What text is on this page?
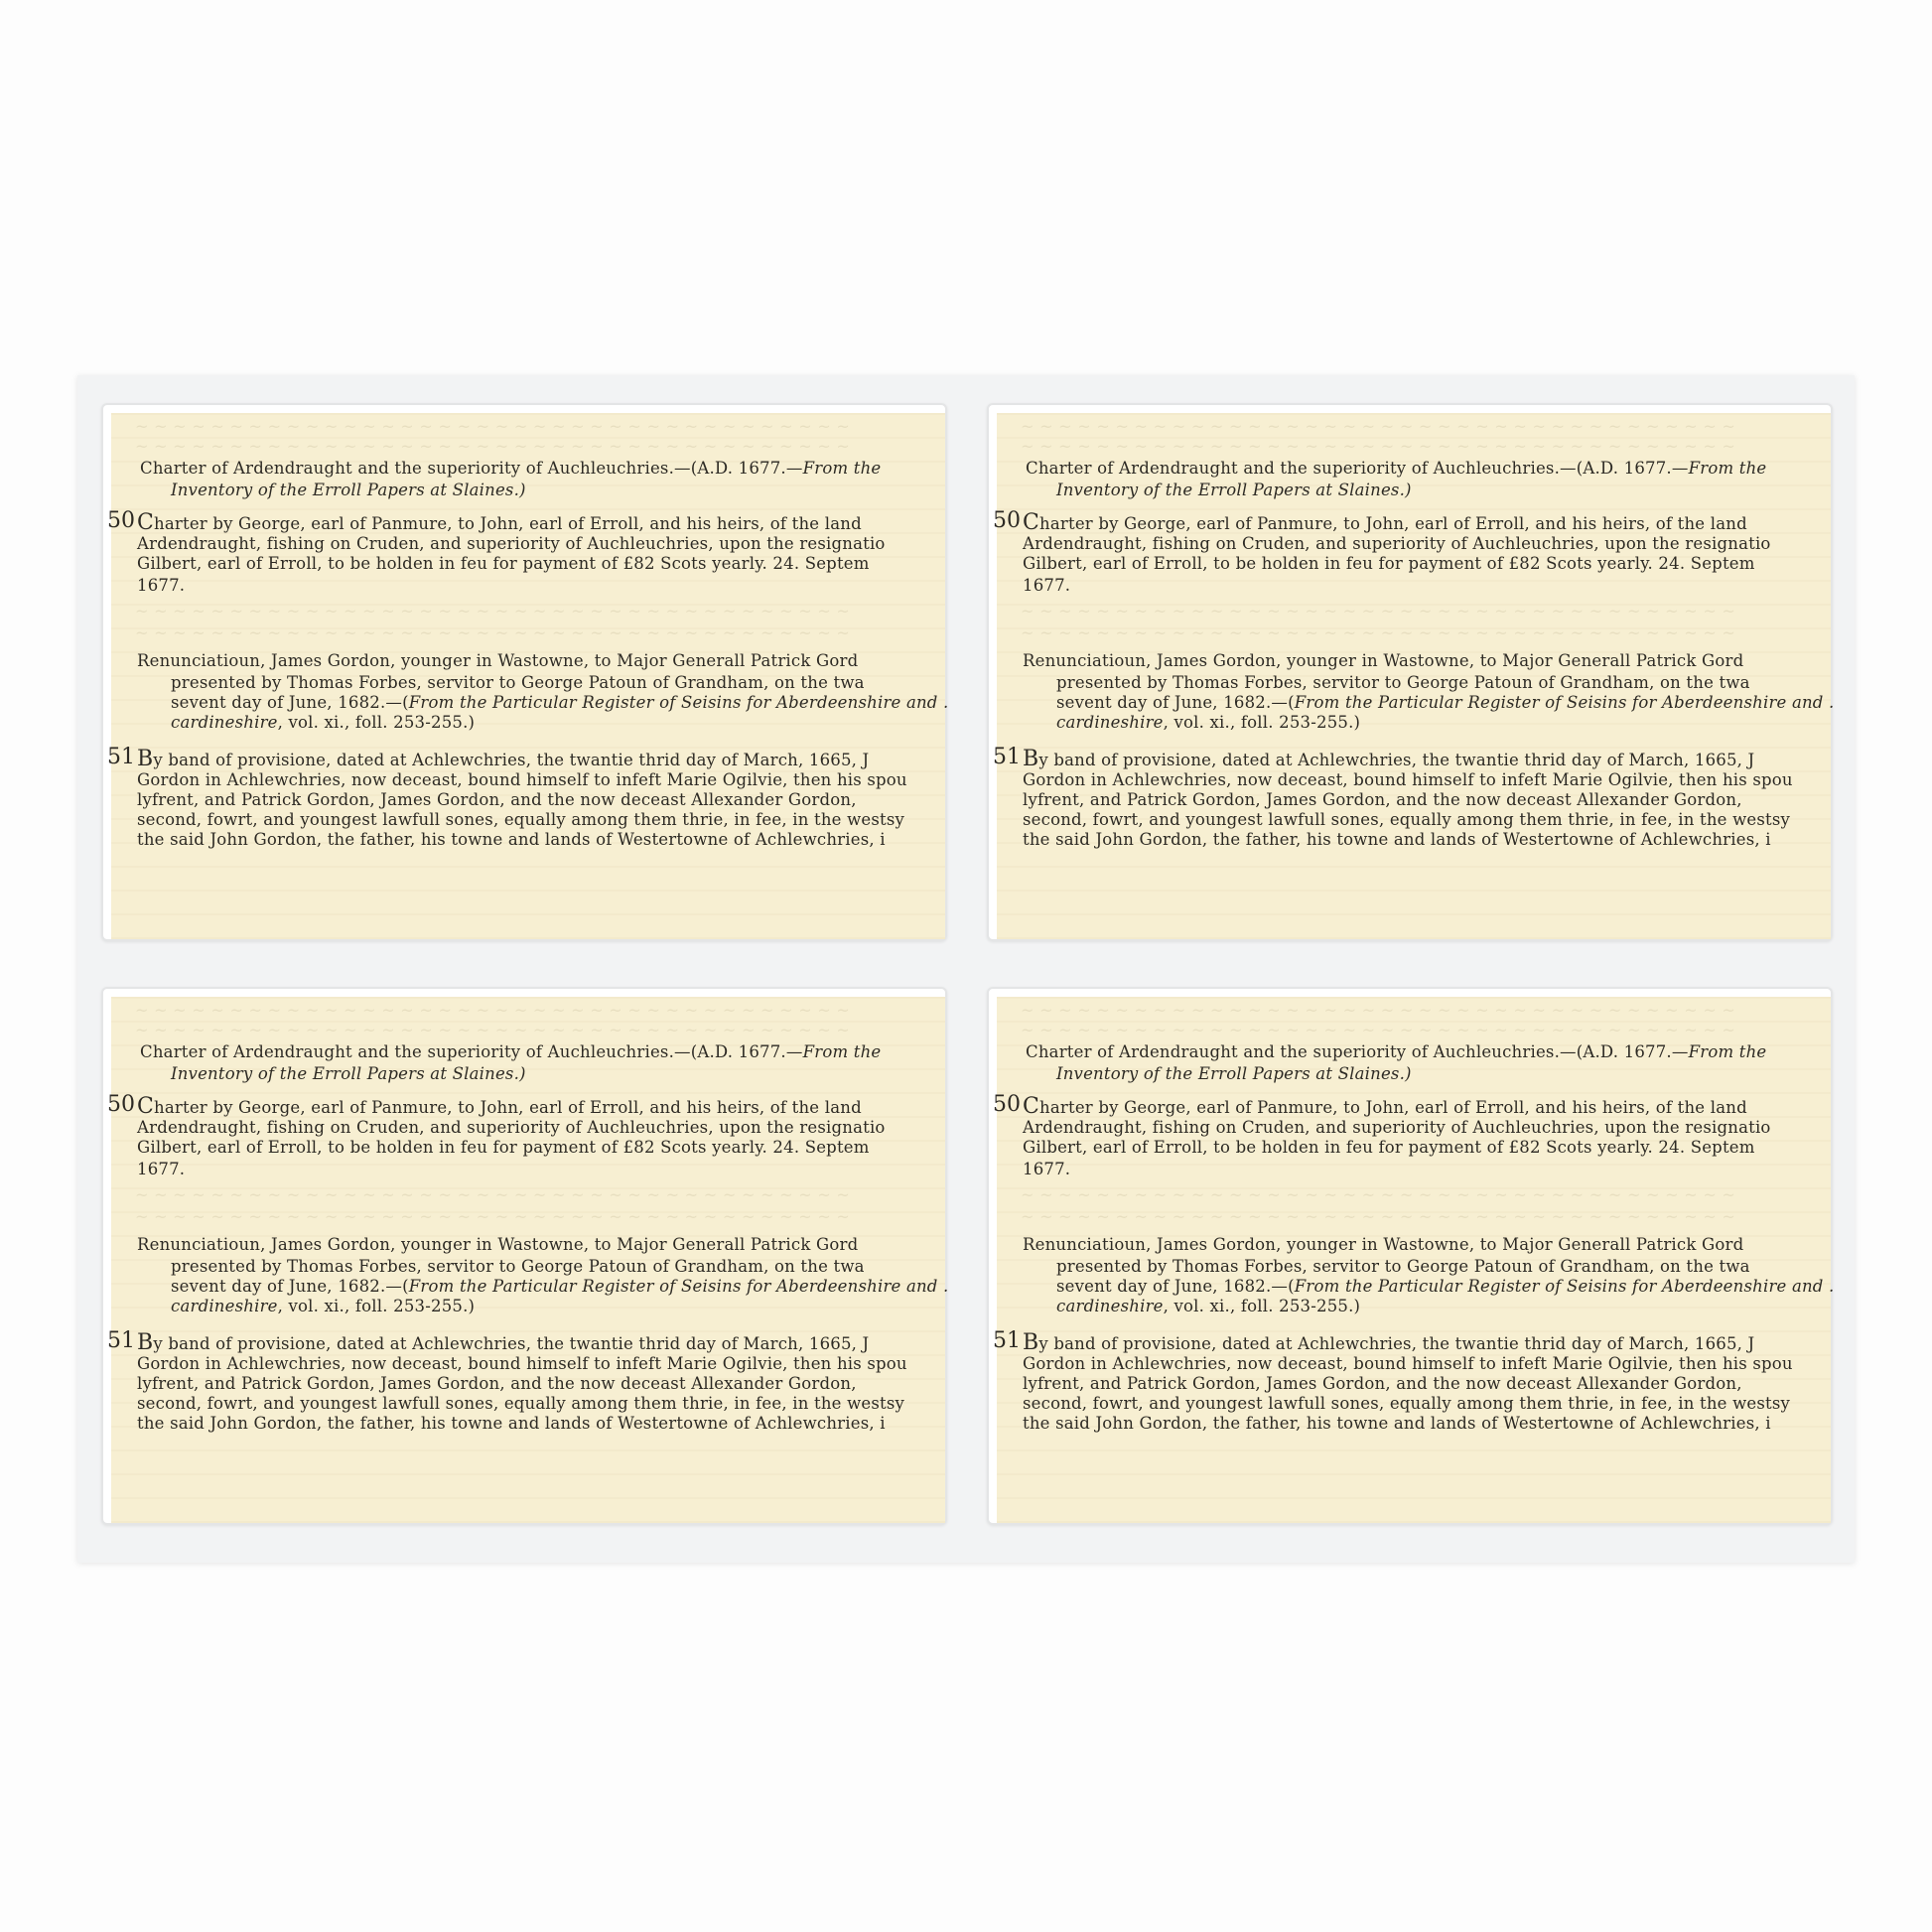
~ ~ ~ ~ ~ ~ ~ ~ ~ ~ ~ ~ ~ ~ ~ ~ ~ ~ ~ ~ ~ ~ ~ ~ ~ ~ ~ ~ ~ ~ ~ ~ ~ ~ ~ ~ ~ ~
~ ~ ~ ~ ~ ~ ~ ~ ~ ~ ~ ~ ~ ~ ~ ~ ~ ~ ~ ~ ~ ~ ~ ~ ~ ~ ~ ~ ~ ~ ~ ~ ~ ~ ~ ~ ~ ~
Charter of Ardendraught and the superiority of Auchleuchries.—(A.D. 1677.—From the
Inventory of the Erroll Papers at Slaines.)
50 Charter by George, earl of Panmure, to John, earl of Erroll, and his heirs, of the land
Ardendraught, fishing on Cruden, and superiority of Auchleuchries, upon the resignatio
Gilbert, earl of Erroll, to be holden in feu for payment of £82 Scots yearly. 24. Septem
1677.
~ ~ ~ ~ ~ ~ ~ ~ ~ ~ ~ ~ ~ ~ ~ ~ ~ ~ ~ ~ ~ ~ ~ ~ ~ ~ ~ ~ ~ ~ ~ ~ ~ ~ ~ ~ ~ ~
~ ~ ~ ~ ~ ~ ~ ~ ~ ~ ~ ~ ~ ~ ~ ~ ~ ~ ~ ~ ~ ~ ~ ~ ~ ~ ~ ~ ~ ~ ~ ~ ~ ~ ~ ~ ~ ~
Renunciatioun, James Gordon, younger in Wastowne, to Major Generall Patrick Gord
presented by Thomas Forbes, servitor to George Patoun of Grandham, on the twa
sevent day of June, 1682.—(From the Particular Register of Seisins for Aberdeenshire and .
cardineshire, vol. xi., foll. 253-255.)
51 By band of provisione, dated at Achlewchries, the twantie thrid day of March, 1665, J
Gordon in Achlewchries, now deceast, bound himself to infeft Marie Ogilvie, then his spou
lyfrent, and Patrick Gordon, James Gordon, and the now deceast Allexander Gordon,
second, fowrt, and youngest lawfull sones, equally among them thrie, in fee, in the westsy
the said John Gordon, the father, his towne and lands of Westertowne of Achlewchries, i
~ ~ ~ ~ ~ ~ ~ ~ ~ ~ ~ ~ ~ ~ ~ ~ ~ ~ ~ ~ ~ ~ ~ ~ ~ ~ ~ ~ ~ ~ ~ ~ ~ ~ ~ ~ ~ ~
~ ~ ~ ~ ~ ~ ~ ~ ~ ~ ~ ~ ~ ~ ~ ~ ~ ~ ~ ~ ~ ~ ~ ~ ~ ~ ~ ~ ~ ~ ~ ~ ~ ~ ~ ~ ~ ~
Charter of Ardendraught and the superiority of Auchleuchries.—(A.D. 1677.—From the
Inventory of the Erroll Papers at Slaines.)
50 Charter by George, earl of Panmure, to John, earl of Erroll, and his heirs, of the land
Ardendraught, fishing on Cruden, and superiority of Auchleuchries, upon the resignatio
Gilbert, earl of Erroll, to be holden in feu for payment of £82 Scots yearly. 24. Septem
1677.
~ ~ ~ ~ ~ ~ ~ ~ ~ ~ ~ ~ ~ ~ ~ ~ ~ ~ ~ ~ ~ ~ ~ ~ ~ ~ ~ ~ ~ ~ ~ ~ ~ ~ ~ ~ ~ ~
~ ~ ~ ~ ~ ~ ~ ~ ~ ~ ~ ~ ~ ~ ~ ~ ~ ~ ~ ~ ~ ~ ~ ~ ~ ~ ~ ~ ~ ~ ~ ~ ~ ~ ~ ~ ~ ~
Renunciatioun, James Gordon, younger in Wastowne, to Major Generall Patrick Gord
presented by Thomas Forbes, servitor to George Patoun of Grandham, on the twa
sevent day of June, 1682.—(From the Particular Register of Seisins for Aberdeenshire and .
cardineshire, vol. xi., foll. 253-255.)
51 By band of provisione, dated at Achlewchries, the twantie thrid day of March, 1665, J
Gordon in Achlewchries, now deceast, bound himself to infeft Marie Ogilvie, then his spou
lyfrent, and Patrick Gordon, James Gordon, and the now deceast Allexander Gordon,
second, fowrt, and youngest lawfull sones, equally among them thrie, in fee, in the westsy
the said John Gordon, the father, his towne and lands of Westertowne of Achlewchries, i
~ ~ ~ ~ ~ ~ ~ ~ ~ ~ ~ ~ ~ ~ ~ ~ ~ ~ ~ ~ ~ ~ ~ ~ ~ ~ ~ ~ ~ ~ ~ ~ ~ ~ ~ ~ ~ ~
~ ~ ~ ~ ~ ~ ~ ~ ~ ~ ~ ~ ~ ~ ~ ~ ~ ~ ~ ~ ~ ~ ~ ~ ~ ~ ~ ~ ~ ~ ~ ~ ~ ~ ~ ~ ~ ~
Charter of Ardendraught and the superiority of Auchleuchries.—(A.D. 1677.—From the
Inventory of the Erroll Papers at Slaines.)
50 Charter by George, earl of Panmure, to John, earl of Erroll, and his heirs, of the land
Ardendraught, fishing on Cruden, and superiority of Auchleuchries, upon the resignatio
Gilbert, earl of Erroll, to be holden in feu for payment of £82 Scots yearly. 24. Septem
1677.
~ ~ ~ ~ ~ ~ ~ ~ ~ ~ ~ ~ ~ ~ ~ ~ ~ ~ ~ ~ ~ ~ ~ ~ ~ ~ ~ ~ ~ ~ ~ ~ ~ ~ ~ ~ ~ ~
~ ~ ~ ~ ~ ~ ~ ~ ~ ~ ~ ~ ~ ~ ~ ~ ~ ~ ~ ~ ~ ~ ~ ~ ~ ~ ~ ~ ~ ~ ~ ~ ~ ~ ~ ~ ~ ~
Renunciatioun, James Gordon, younger in Wastowne, to Major Generall Patrick Gord
presented by Thomas Forbes, servitor to George Patoun of Grandham, on the twa
sevent day of June, 1682.—(From the Particular Register of Seisins for Aberdeenshire and .
cardineshire, vol. xi., foll. 253-255.)
51 By band of provisione, dated at Achlewchries, the twantie thrid day of March, 1665, J
Gordon in Achlewchries, now deceast, bound himself to infeft Marie Ogilvie, then his spou
lyfrent, and Patrick Gordon, James Gordon, and the now deceast Allexander Gordon,
second, fowrt, and youngest lawfull sones, equally among them thrie, in fee, in the westsy
the said John Gordon, the father, his towne and lands of Westertowne of Achlewchries, i
~ ~ ~ ~ ~ ~ ~ ~ ~ ~ ~ ~ ~ ~ ~ ~ ~ ~ ~ ~ ~ ~ ~ ~ ~ ~ ~ ~ ~ ~ ~ ~ ~ ~ ~ ~ ~ ~
~ ~ ~ ~ ~ ~ ~ ~ ~ ~ ~ ~ ~ ~ ~ ~ ~ ~ ~ ~ ~ ~ ~ ~ ~ ~ ~ ~ ~ ~ ~ ~ ~ ~ ~ ~ ~ ~
Charter of Ardendraught and the superiority of Auchleuchries.—(A.D. 1677.—From the
Inventory of the Erroll Papers at Slaines.)
50 Charter by George, earl of Panmure, to John, earl of Erroll, and his heirs, of the land
Ardendraught, fishing on Cruden, and superiority of Auchleuchries, upon the resignatio
Gilbert, earl of Erroll, to be holden in feu for payment of £82 Scots yearly. 24. Septem
1677.
~ ~ ~ ~ ~ ~ ~ ~ ~ ~ ~ ~ ~ ~ ~ ~ ~ ~ ~ ~ ~ ~ ~ ~ ~ ~ ~ ~ ~ ~ ~ ~ ~ ~ ~ ~ ~ ~
~ ~ ~ ~ ~ ~ ~ ~ ~ ~ ~ ~ ~ ~ ~ ~ ~ ~ ~ ~ ~ ~ ~ ~ ~ ~ ~ ~ ~ ~ ~ ~ ~ ~ ~ ~ ~ ~
Renunciatioun, James Gordon, younger in Wastowne, to Major Generall Patrick Gord
presented by Thomas Forbes, servitor to George Patoun of Grandham, on the twa
sevent day of June, 1682.—(From the Particular Register of Seisins for Aberdeenshire and .
cardineshire, vol. xi., foll. 253-255.)
51 By band of provisione, dated at Achlewchries, the twantie thrid day of March, 1665, J
Gordon in Achlewchries, now deceast, bound himself to infeft Marie Ogilvie, then his spou
lyfrent, and Patrick Gordon, James Gordon, and the now deceast Allexander Gordon,
second, fowrt, and youngest lawfull sones, equally among them thrie, in fee, in the westsy
the said John Gordon, the father, his towne and lands of Westertowne of Achlewchries, i
